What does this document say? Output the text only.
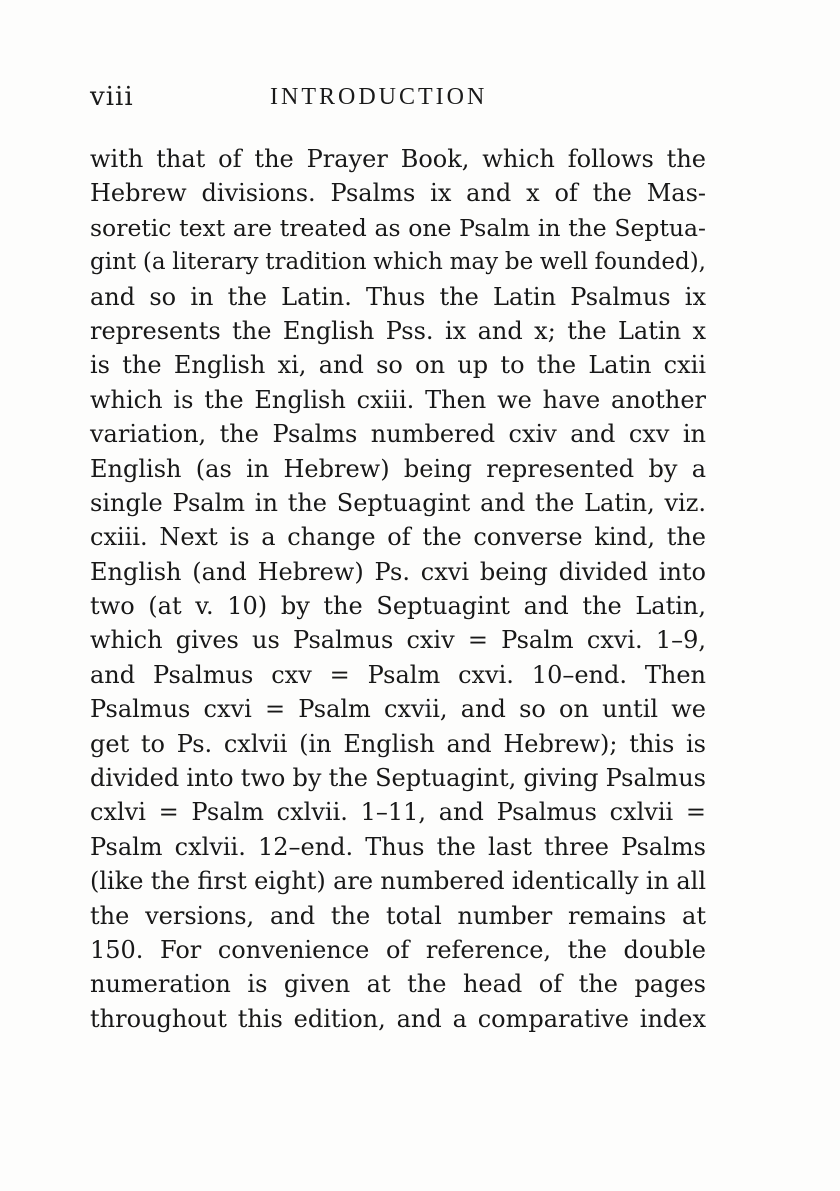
viii	INTRODUCTION
with that of the Prayer Book, which follows the
Hebrew divisions. Psalms ix and x of the Mas-
soretic text are treated as one Psalm in the Septua-
gint (a literary tradition which may be well founded),
and so in the Latin. Thus the Latin Psalmus ix
represents the English Pss. ix and x; the Latin x
is the English xi, and so on up to the Latin cxii
which is the English cxiii. Then we have another
variation, the Psalms numbered cxiv and cxv in
English (as in Hebrew) being represented by a
single Psalm in the Septuagint and the Latin, viz.
cxiii. Next is a change of the converse kind, the
English (and Hebrew) Ps. cxvi being divided into
two (at v. 10) by the Septuagint and the Latin,
which gives us Psalmus cxiv = Psalm cxvi. 1–9,
and Psalmus cxv = Psalm cxvi. 10–end. Then
Psalmus cxvi = Psalm cxvii, and so on until we
get to Ps. cxlvii (in English and Hebrew); this is
divided into two by the Septuagint, giving Psalmus
cxlvi = Psalm cxlvii. 1–11, and Psalmus cxlvii =
Psalm cxlvii. 12–end. Thus the last three Psalms
(like the first eight) are numbered identically in all
the versions, and the total number remains at
150. For convenience of reference, the double
numeration is given at the head of the pages
throughout this edition, and a comparative index
